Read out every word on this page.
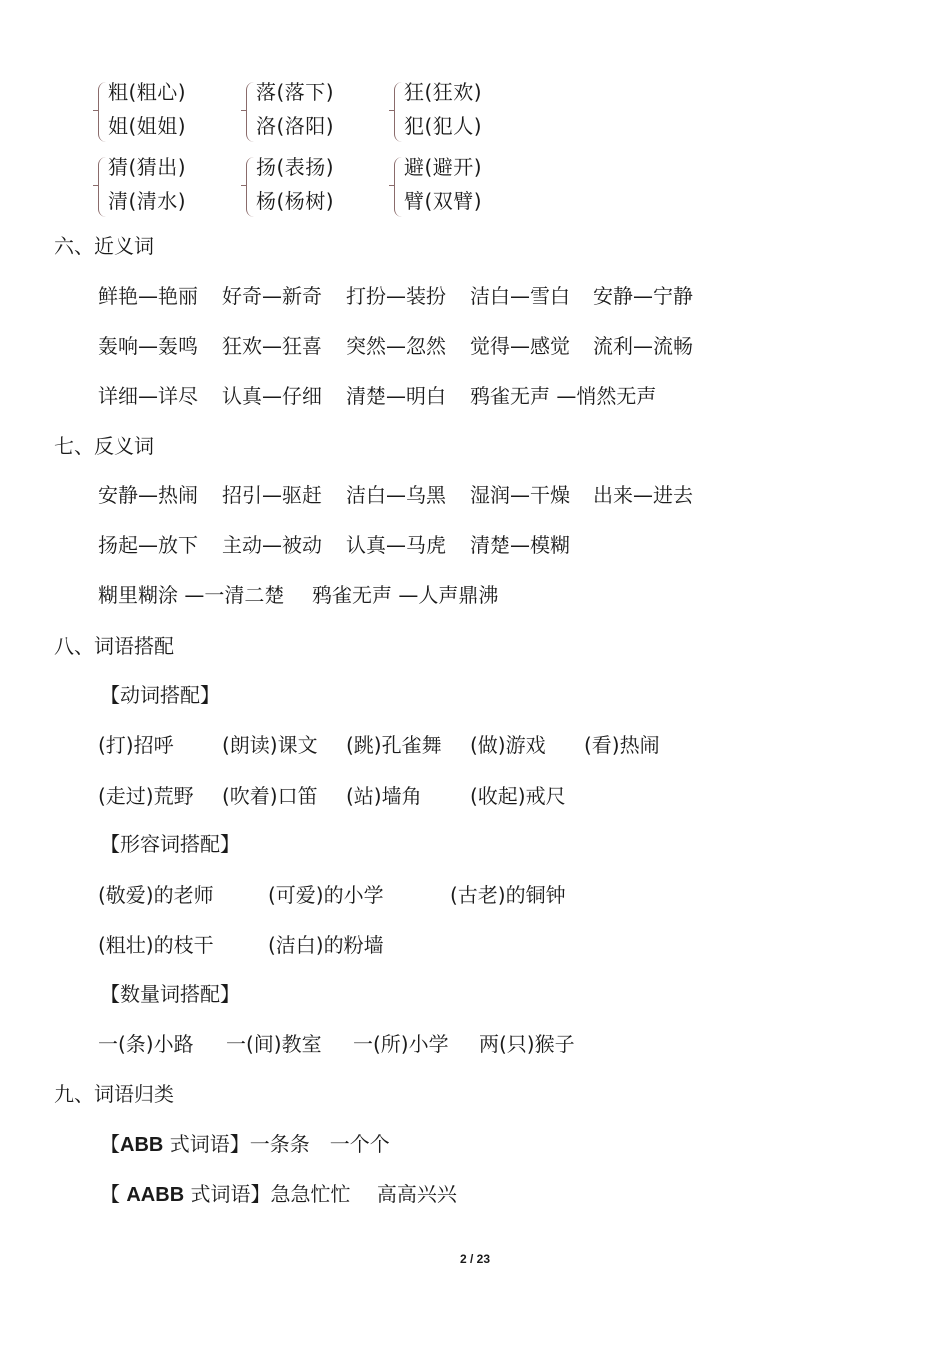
粗(粗心)
姐(姐姐)
落(落下)
洛(洛阳)
狂(狂欢)
犯(犯人)
猜(猜出)
清(清水)
扬(表扬)
杨(杨树)
避(避开)
臂(双臂)
六、近义词
鲜艳—艳丽	好奇—新奇	打扮—装扮	洁白—雪白	安静—宁静
轰响—轰鸣	狂欢—狂喜	突然—忽然	觉得—感觉	流利—流畅
详细—详尽	认真—仔细	清楚—明白	鸦雀无声 —悄然无声
七、反义词
安静—热闹	招引—驱赶	洁白—乌黑	湿润—干燥	出来—进去
扬起—放下	主动—被动	认真—马虎	清楚—模糊
糊里糊涂 —一清二楚	鸦雀无声 —人声鼎沸
八、词语搭配
【动词搭配】
(打)招呼	(朗读)课文	(跳)孔雀舞	(做)游戏	(看)热闹
(走过)荒野	(吹着)口笛	(站)墙角	(收起)戒尺
【形容词搭配】
(敬爱)的老师	(可爱)的小学	(古老)的铜钟
(粗壮)的枝干	(洁白)的粉墙
【数量词搭配】
一(条)小路	一(间)教室	一(所)小学	两(只)猴子
九、词语归类
【ABB 式词语】一条条　一个个
【 AABB 式词语】急急忙忙　 高高兴兴
2 / 23
